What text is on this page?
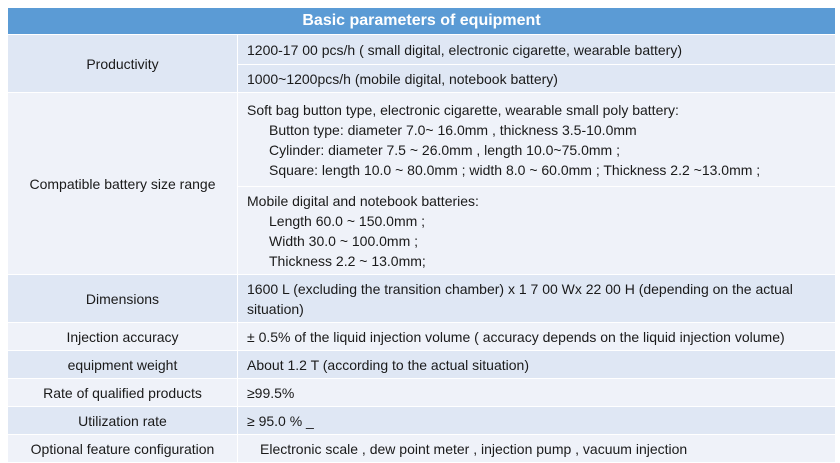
Basic parameters of equipment	
Productivity	1200-17 00 pcs/h ( small digital, electronic cigarette, wearable battery)

	1000~1200pcs/h (mobile digital, notebook battery)

Compatible battery size range	Soft bag button type, electronic cigarette, wearable small poly battery:
Button type: diameter 7.0~ 16.0mm , thickness 3.5-10.0mm
Cylinder: diameter 7.5 ~ 26.0mm , length 10.0~75.0mm ;
Square: length 10.0 ~ 80.0mm ; width 8.0 ~ 60.0mm ; Thickness 2.2 ~13.0mm ;

	Mobile digital and notebook batteries:
Length 60.0 ~ 150.0mm ;
Width 30.0 ~ 100.0mm ;
Thickness 2.2 ~ 13.0mm;

Dimensions	1600 L (excluding the transition chamber) x 1 7 00 Wx 22 00 H (depending on the actual situation)

Injection accuracy	± 0.5% of the liquid injection volume ( accuracy depends on the liquid injection volume)

equipment weight	About 1.2 T (according to the actual situation)

Rate of qualified products	≥99.5%

Utilization rate	≥ 95.0 % _

Optional feature configuration	Electronic scale , dew point meter , injection pump , vacuum injection
